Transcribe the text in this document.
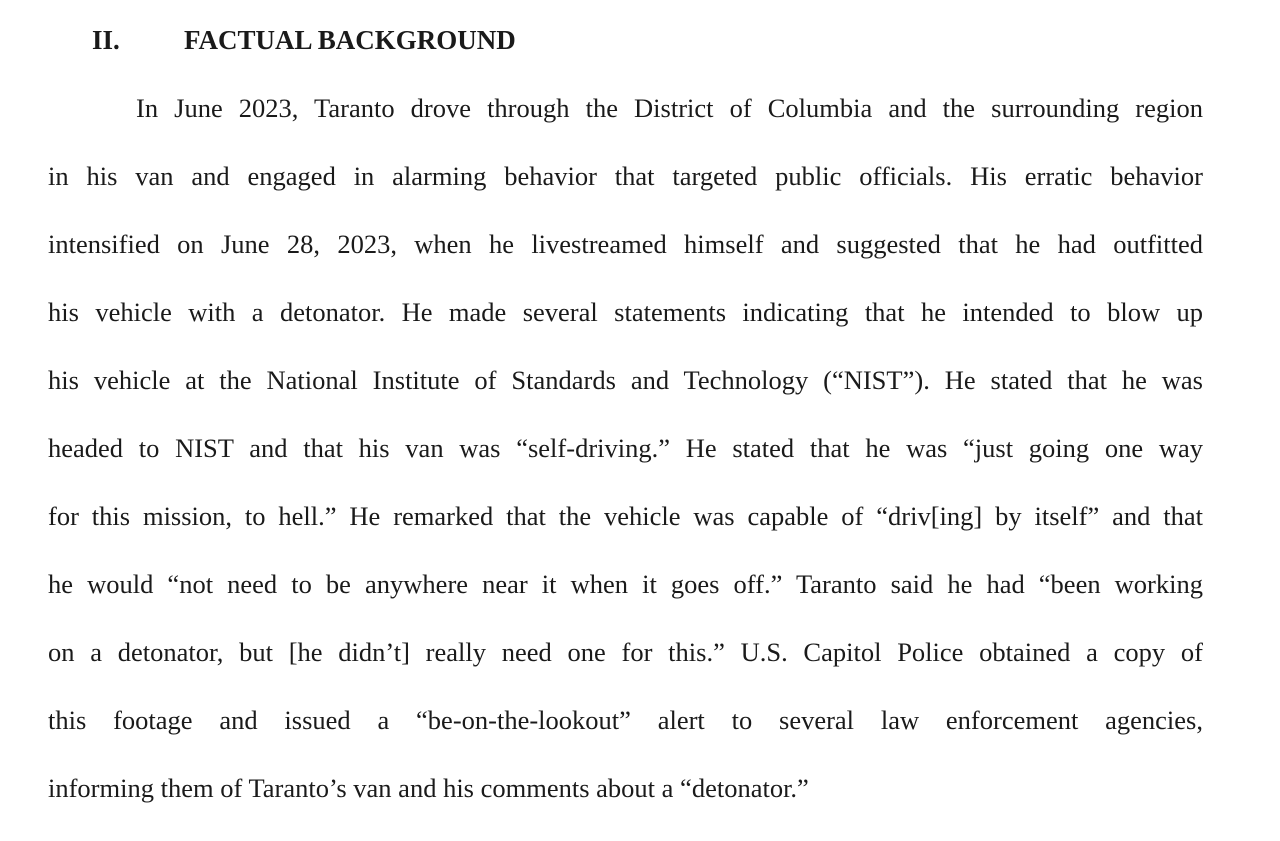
II.	FACTUAL BACKGROUND
In June 2023, Taranto drove through the District of Columbia and the surrounding region
in his van and engaged in alarming behavior that targeted public officials. His erratic behavior
intensified on June 28, 2023, when he livestreamed himself and suggested that he had outfitted
his vehicle with a detonator. He made several statements indicating that he intended to blow up
his vehicle at the National Institute of Standards and Technology (“NIST”). He stated that he was
headed to NIST and that his van was “self-driving.” He stated that he was “just going one way
for this mission, to hell.” He remarked that the vehicle was capable of “driv[ing] by itself” and that
he would “not need to be anywhere near it when it goes off.” Taranto said he had “been working
on a detonator, but [he didn’t] really need one for this.” U.S. Capitol Police obtained a copy of
this footage and issued a “be-on-the-lookout” alert to several law enforcement agencies,
informing them of Taranto’s van and his comments about a “detonator.”
